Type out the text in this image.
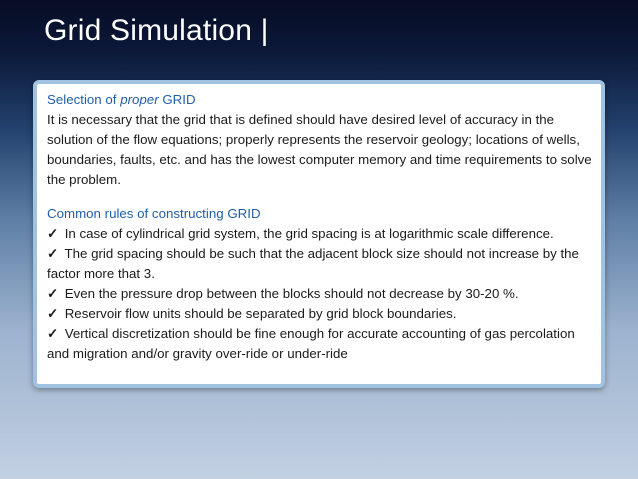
Grid Simulation |
Selection of proper GRID

It is necessary that the grid that is defined should have desired level of accuracy in the solution of the flow equations; properly represents the reservoir geology; locations of wells, boundaries, faults, etc. and has the lowest computer memory and time requirements to solve the problem.

Common rules of constructing GRID
✓ In case of cylindrical grid system, the grid spacing is at logarithmic scale difference.
✓ The grid spacing should be such that the adjacent block size should not increase by the factor more that 3.
✓ Even the pressure drop between the blocks should not decrease by 30-20 %.
✓ Reservoir flow units should be separated by grid block boundaries.
✓ Vertical discretization should be fine enough for accurate accounting of gas percolation and migration and/or gravity over-ride or under-ride
